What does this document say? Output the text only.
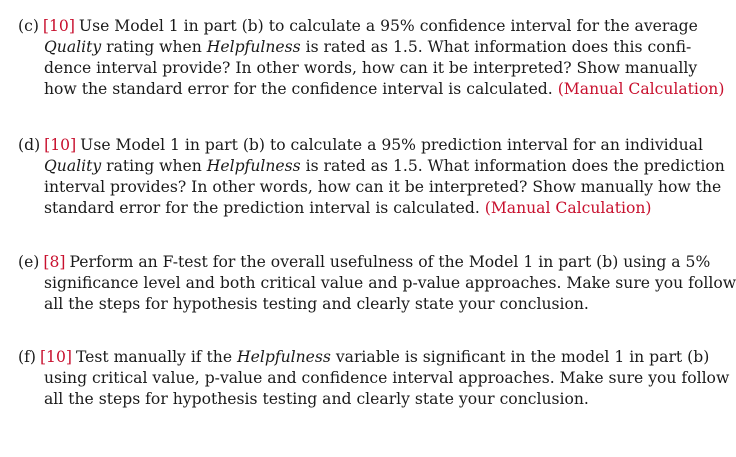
(c) [10] Use Model 1 in part (b) to calculate a 95% confidence interval for the average
Quality rating when Helpfulness is rated as 1.5. What information does this confi-
dence interval provide? In other words, how can it be interpreted? Show manually
how the standard error for the confidence interval is calculated. (Manual Calculation)
(d) [10] Use Model 1 in part (b) to calculate a 95% prediction interval for an individual
Quality rating when Helpfulness is rated as 1.5. What information does the prediction
interval provides? In other words, how can it be interpreted? Show manually how the
standard error for the prediction interval is calculated. (Manual Calculation)
(e) [8] Perform an F-test for the overall usefulness of the Model 1 in part (b) using a 5%
significance level and both critical value and p-value approaches. Make sure you follow
all the steps for hypothesis testing and clearly state your conclusion.
(f) [10] Test manually if the Helpfulness variable is significant in the model 1 in part (b)
using critical value, p-value and confidence interval approaches. Make sure you follow
all the steps for hypothesis testing and clearly state your conclusion.
